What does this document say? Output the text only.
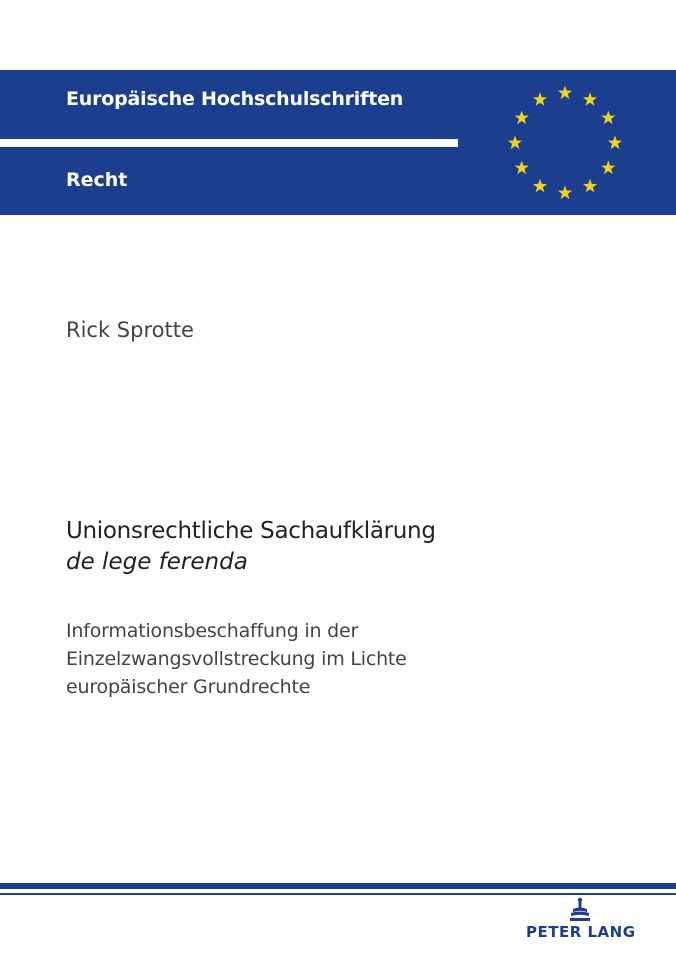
Europäische Hochschulschriften
Recht
Rick Sprotte
Unionsrechtliche Sachaufklärung
de lege ferenda
Informationsbeschaffung in der
Einzelzwangsvollstreckung im Lichte
europäischer Grundrechte
PETER LANG
